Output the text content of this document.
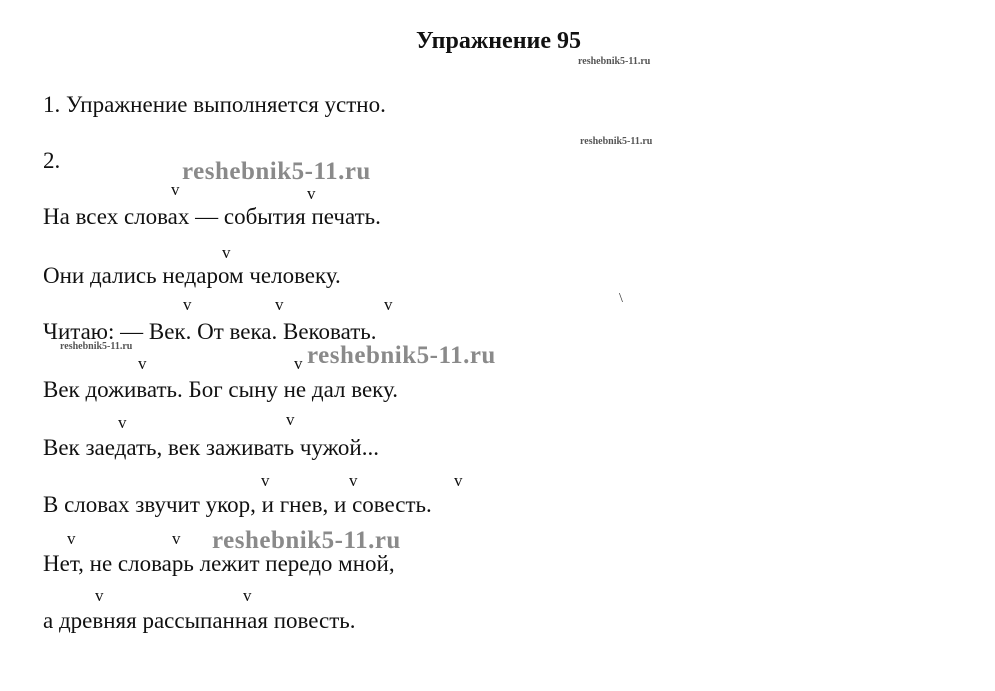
Упражнение 95
reshebnik5-11.ru
1. Упражнение выполняется устно.
reshebnik5-11.ru
2.	reshebnik5-11.ru
v	v
На всех словах — события печать.
v
Они дались недаром человеку.
v	v	v	\
Читаю: — Век. От века. Вековать.
reshebnik5-11.ru	reshebnik5-11.ru
v	v
Век доживать. Бог сыну не дал веку.
v	v
Век заедать, век заживать чужой...
v	v	v
В словах звучит укор, и гнев, и совесть.
reshebnik5-11.ru
v	v
Нет, не словарь лежит передо мной,
v	v
а древняя рассыпанная повесть.
